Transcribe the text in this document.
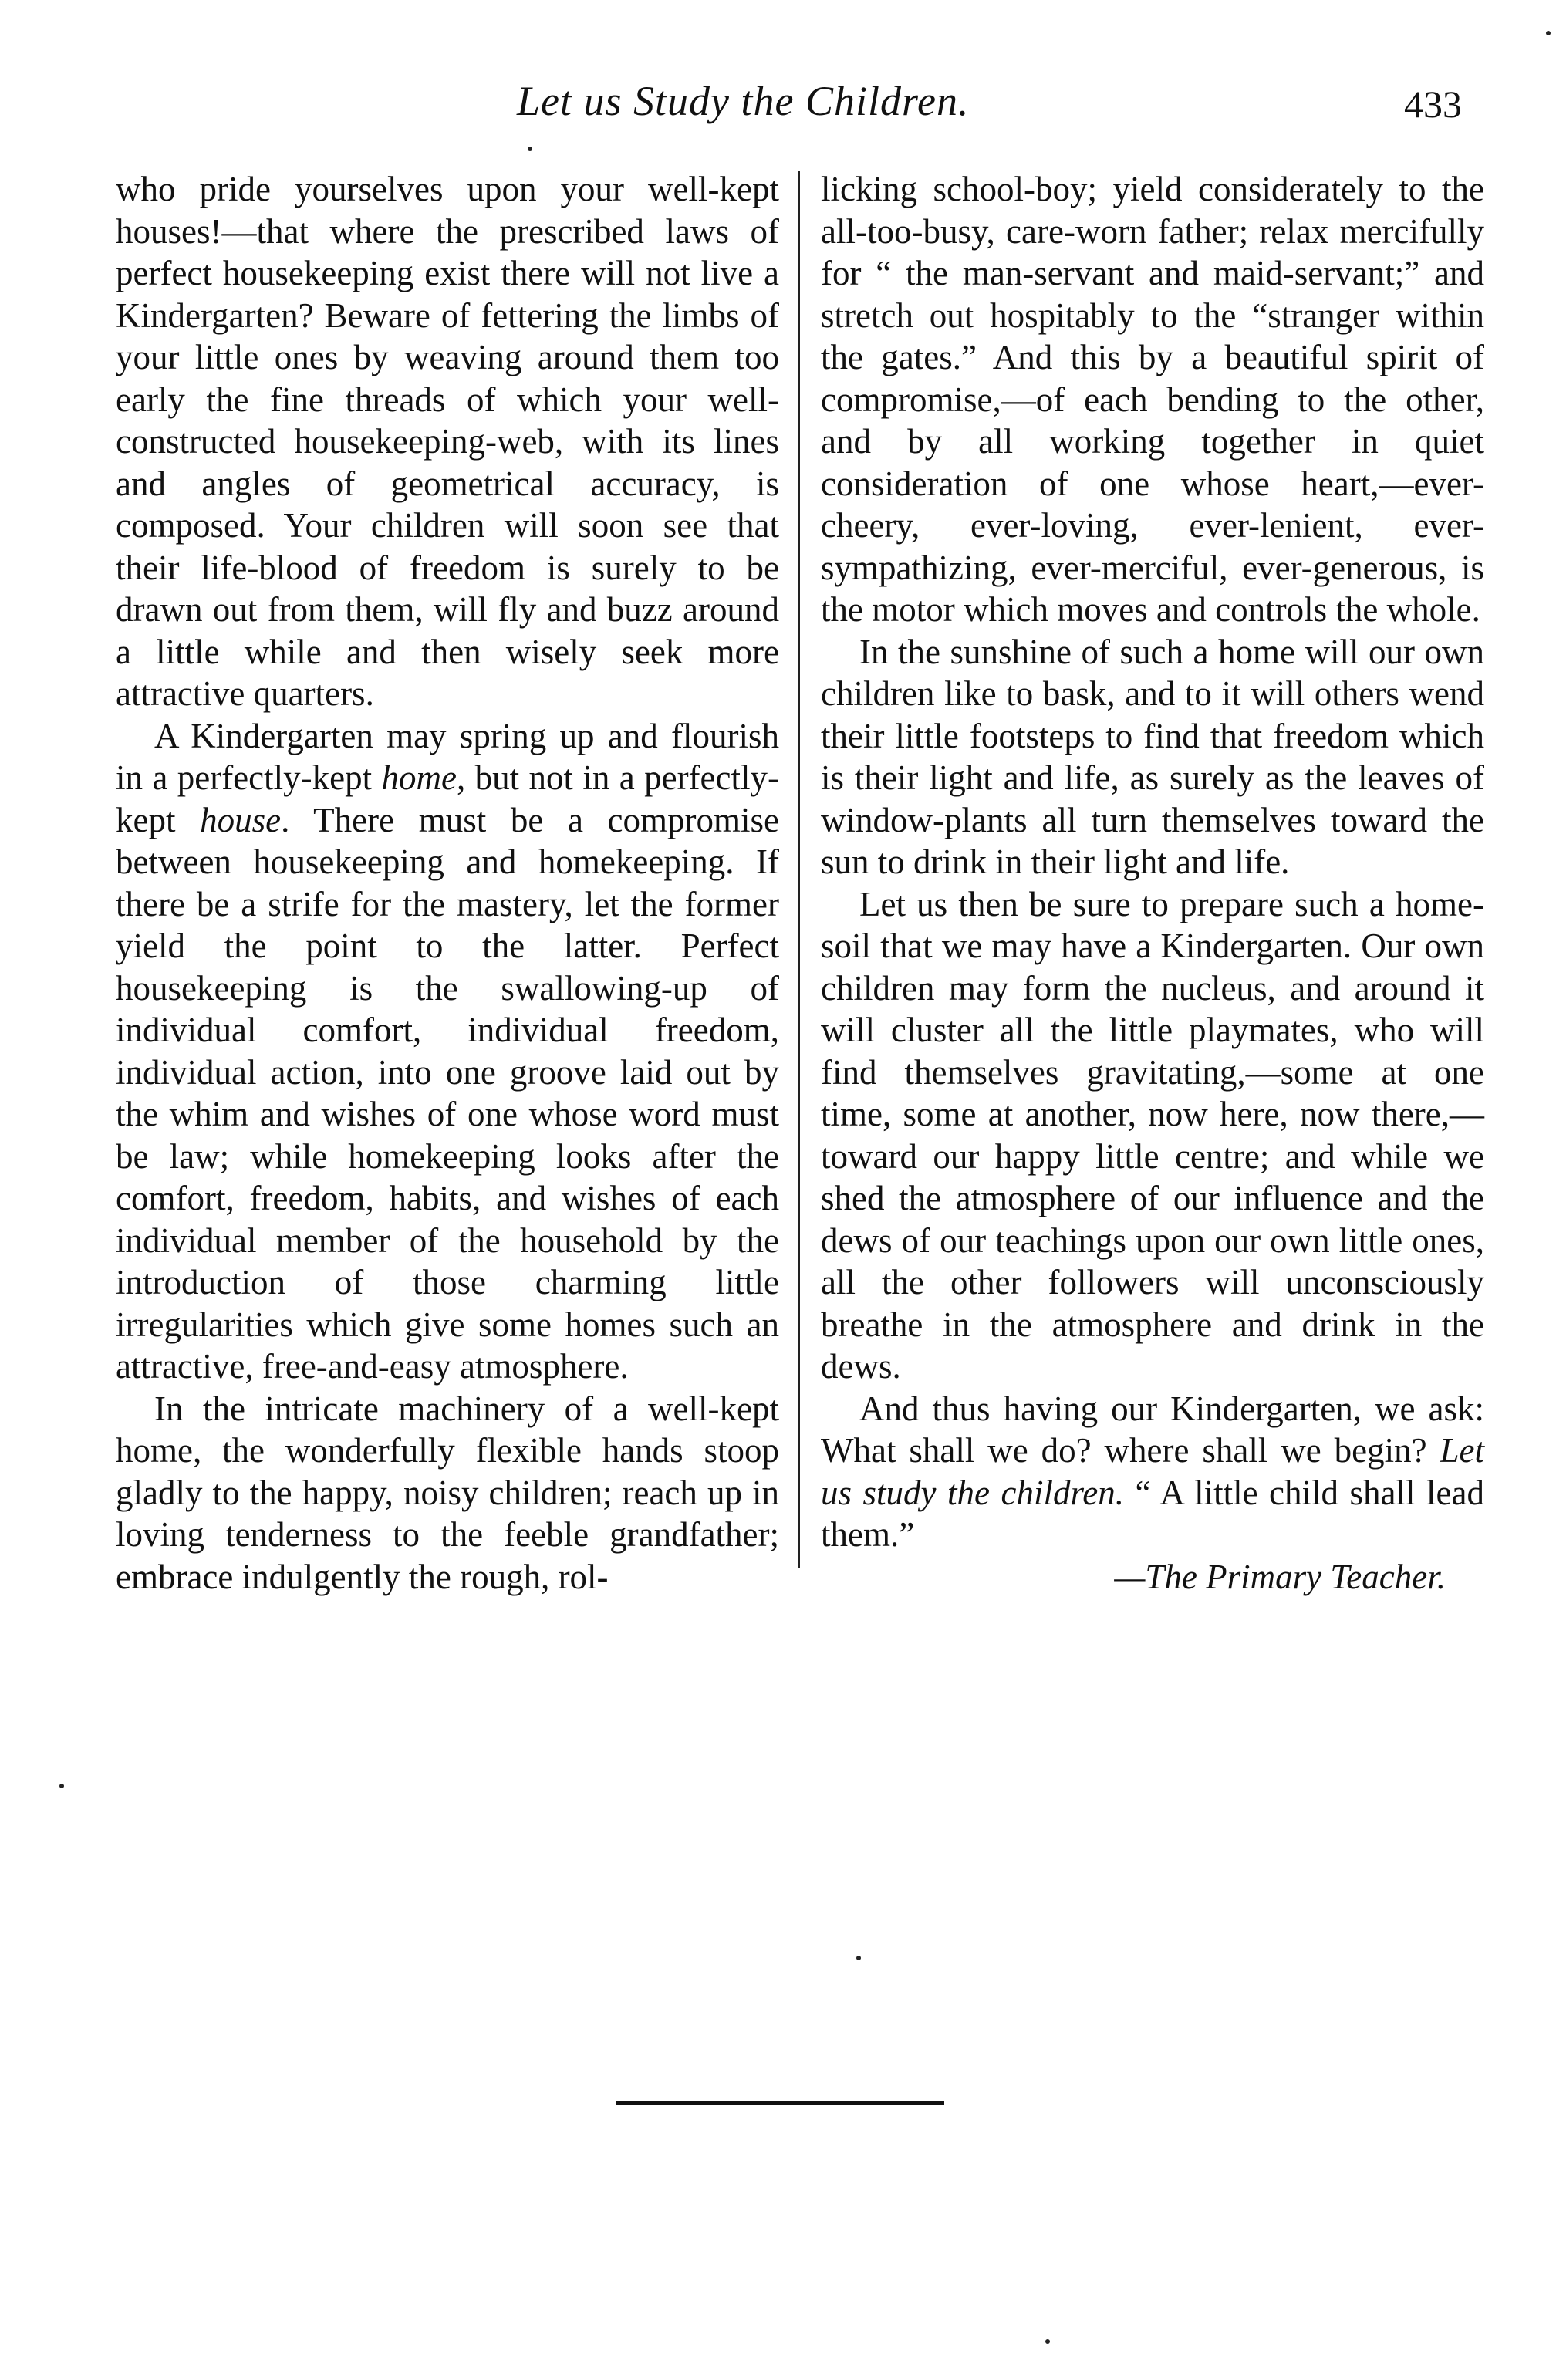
Let us Study the Children.	433

who pride yourselves upon your well-kept houses!—that where the prescribed laws of perfect housekeeping exist there will not live a Kindergarten? Beware of fettering the limbs of your little ones by weaving around them too early the fine threads of which your well-constructed housekeeping-web, with its lines and angles of geometrical accuracy, is composed. Your children will soon see that their life-blood of freedom is surely to be drawn out from them, will fly and buzz around a little while and then wisely seek more attractive quarters.

A Kindergarten may spring up and flourish in a perfectly-kept home, but not in a perfectly-kept house. There must be a compromise between housekeeping and homekeeping. If there be a strife for the mastery, let the former yield the point to the latter. Perfect housekeeping is the swallowing-up of individual comfort, individual freedom, individual action, into one groove laid out by the whim and wishes of one whose word must be law; while homekeeping looks after the comfort, freedom, habits, and wishes of each individual member of the household by the introduction of those charming little irregularities which give some homes such an attractive, free-and-easy atmosphere.

In the intricate machinery of a well-kept home, the wonderfully flexible hands stoop gladly to the happy, noisy children; reach up in loving tenderness to the feeble grandfather; embrace indulgently the rough, rol-

licking school-boy; yield considerately to the all-too-busy, care-worn father; relax mercifully for “ the man-servant and maid-servant;” and stretch out hospitably to the “stranger within the gates.” And this by a beautiful spirit of compromise,—of each bending to the other, and by all working together in quiet consideration of one whose heart,—ever-cheery, ever-loving, ever-lenient, ever-sympathizing, ever-merciful, ever-generous, is the motor which moves and controls the whole.

In the sunshine of such a home will our own children like to bask, and to it will others wend their little footsteps to find that freedom which is their light and life, as surely as the leaves of window-plants all turn themselves toward the sun to drink in their light and life.

Let us then be sure to prepare such a home-soil that we may have a Kindergarten. Our own children may form the nucleus, and around it will cluster all the little playmates, who will find themselves gravitating,—some at one time, some at another, now here, now there,—toward our happy little centre; and while we shed the atmosphere of our influence and the dews of our teachings upon our own little ones, all the other followers will unconsciously breathe in the atmosphere and drink in the dews.

And thus having our Kindergarten, we ask: What shall we do? where shall we begin? Let us study the children. “ A little child shall lead them.”

—The Primary Teacher.
